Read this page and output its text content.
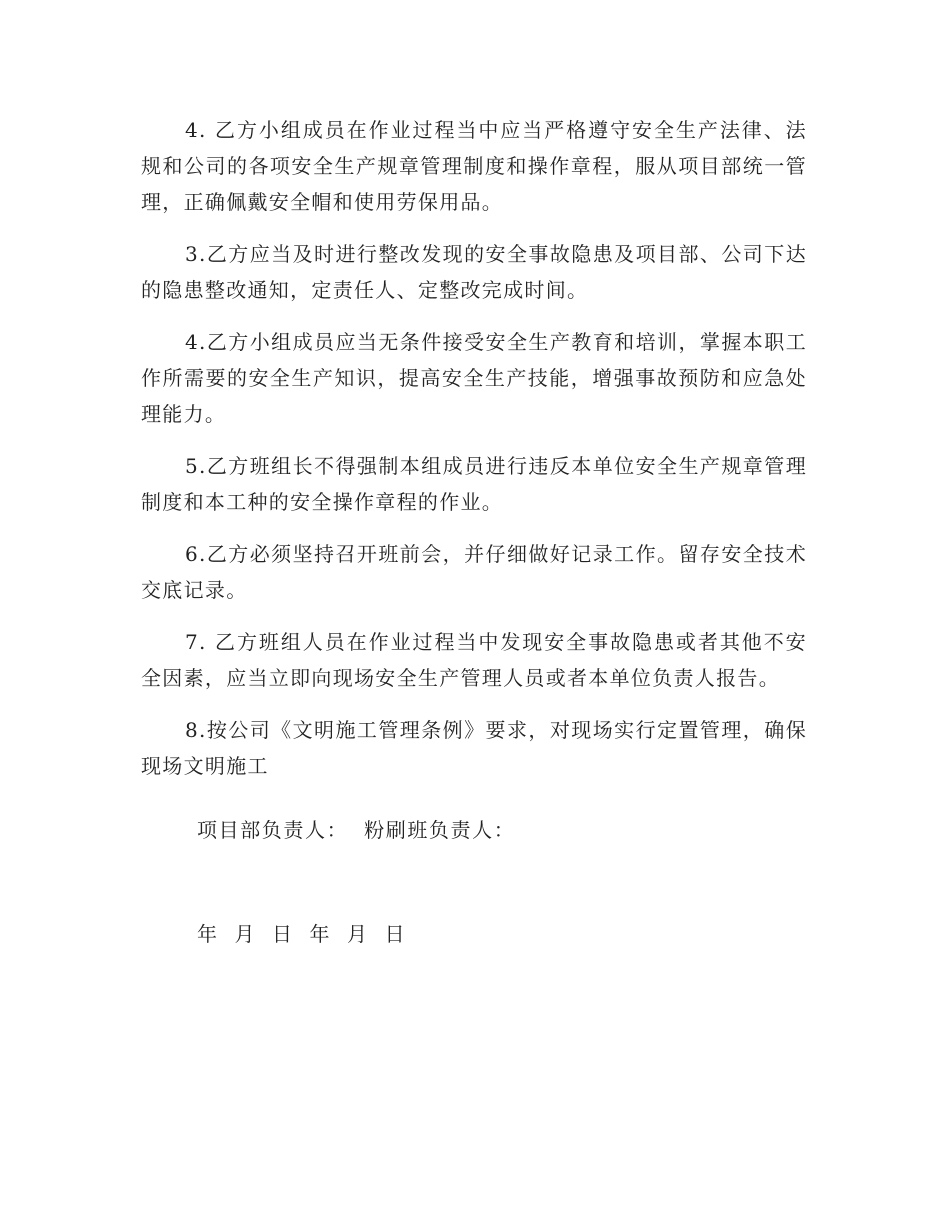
4. 乙方小组成员在作业过程当中应当严格遵守安全生产法律、法规和公司的各项安全生产规章管理制度和操作章程，服从项目部统一管理，正确佩戴安全帽和使用劳保用品。

3.乙方应当及时进行整改发现的安全事故隐患及项目部、公司下达的隐患整改通知，定责任人、定整改完成时间。

4.乙方小组成员应当无条件接受安全生产教育和培训，掌握本职工作所需要的安全生产知识，提高安全生产技能，增强事故预防和应急处理能力。

5.乙方班组长不得强制本组成员进行违反本单位安全生产规章管理制度和本工种的安全操作章程的作业。

6.乙方必须坚持召开班前会，并仔细做好记录工作。留存安全技术交底记录。

7. 乙方班组人员在作业过程当中发现安全事故隐患或者其他不安全因素，应当立即向现场安全生产管理人员或者本单位负责人报告。

8.按公司《文明施工管理条例》要求，对现场实行定置管理，确保现场文明施工

项目部负责人：  粉刷班负责人：
年  月  日  年  月  日
